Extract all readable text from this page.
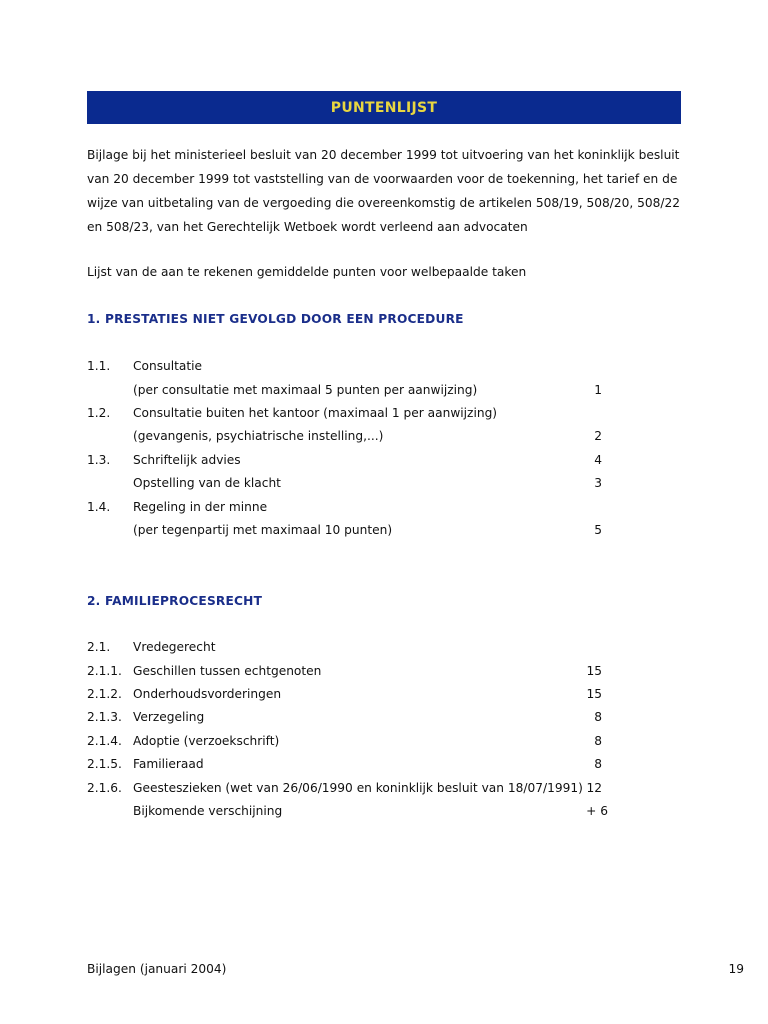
PUNTENLIJST

Bijlage bij het ministerieel besluit van 20 december 1999 tot uitvoering van het koninklijk besluit van 20 december 1999 tot vaststelling van de voorwaarden voor de toekenning, het tarief en de wijze van uitbetaling van de vergoeding die overeenkomstig de artikelen 508/19, 508/20, 508/22 en 508/23, van het Gerechtelijk Wetboek wordt verleend aan advocaten

Lijst van de aan te rekenen gemiddelde punten voor welbepaalde taken

1. PRESTATIES NIET GEVOLGD DOOR EEN PROCEDURE
1.1. Consultatie
(per consultatie met maximaal 5 punten per aanwijzing)	1
1.2. Consultatie buiten het kantoor (maximaal 1 per aanwijzing)
(gevangenis, psychiatrische instelling,...)	2
1.3. Schriftelijk advies	4
Opstelling van de klacht	3
1.4. Regeling in der minne
(per tegenpartij met maximaal 10 punten)	5
2. FAMILIEPROCESRECHT
2.1. Vredegerecht
2.1.1. Geschillen tussen echtgenoten	15
2.1.2. Onderhoudsvorderingen	15
2.1.3. Verzegeling	8
2.1.4. Adoptie (verzoekschrift)	8
2.1.5. Familieraad	8
2.1.6. Geesteszieken (wet van 26/06/1990 en koninklijk besluit van 18/07/1991) 12
Bijkomende verschijning	+ 6
Bijlagen (januari 2004)	19
